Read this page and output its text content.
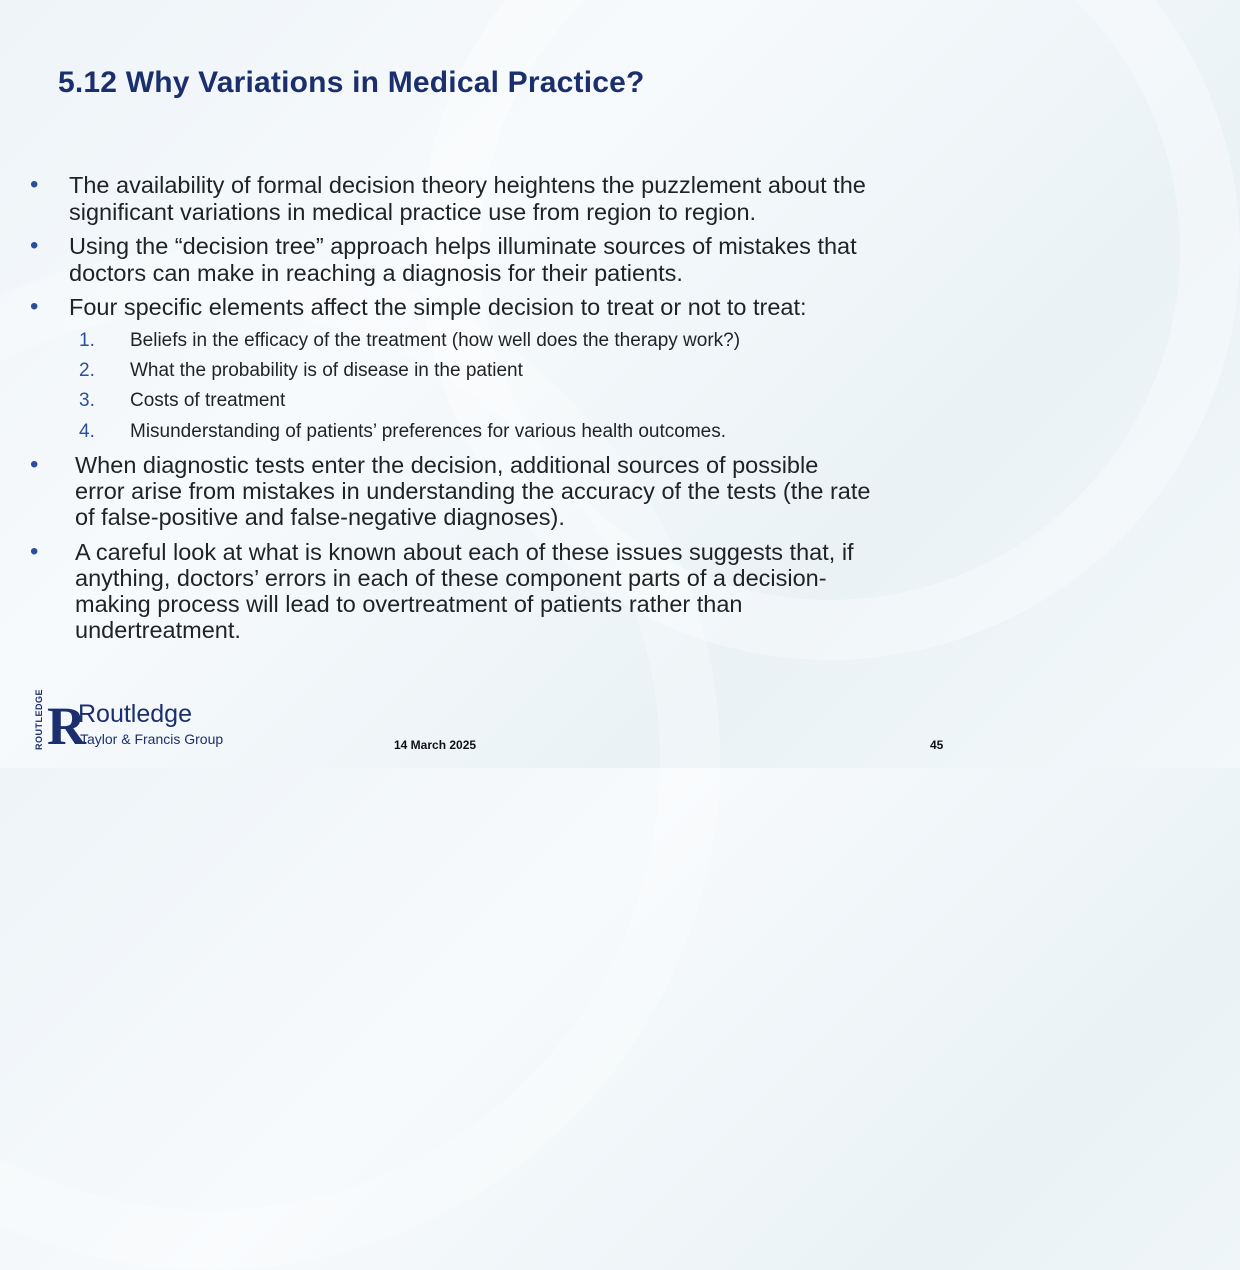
5.12 Why Variations in Medical Practice?
• The availability of formal decision theory heightens the puzzlement about the
significant variations in medical practice use from region to region.
• Using the “decision tree” approach helps illuminate sources of mistakes that
doctors can make in reaching a diagnosis for their patients.
• Four specific elements affect the simple decision to treat or not to treat:
1. Beliefs in the efficacy of the treatment (how well does the therapy work?)
2. What the probability is of disease in the patient
3. Costs of treatment
4. Misunderstanding of patients’ preferences for various health outcomes.
• When diagnostic tests enter the decision, additional sources of possible
error arise from mistakes in understanding the accuracy of the tests (the rate
of false-positive and false-negative diagnoses).
• A careful look at what is known about each of these issues suggests that, if
anything, doctors’ errors in each of these component parts of a decision-
making process will lead to overtreatment of patients rather than
undertreatment.
ROUTLEDGE R
Routledge
Taylor & Francis Group	14 March 2025	45
